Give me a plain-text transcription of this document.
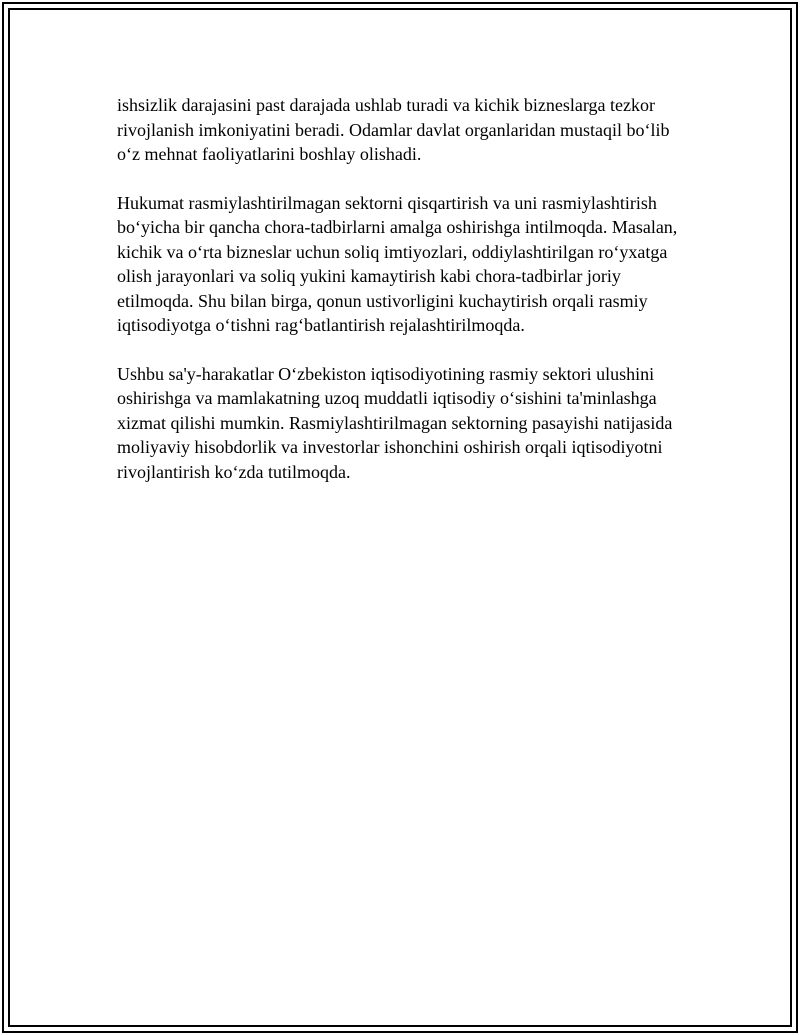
ishsizlik darajasini past darajada ushlab turadi va kichik bizneslarga tezkor rivojlanish imkoniyatini beradi. Odamlar davlat organlaridan mustaqil bo‘lib o‘z mehnat faoliyatlarini boshlay olishadi.

Hukumat rasmiylashtirilmagan sektorni qisqartirish va uni rasmiylashtirish bo‘yicha bir qancha chora-tadbirlarni amalga oshirishga intilmoqda. Masalan, kichik va o‘rta bizneslar uchun soliq imtiyozlari, oddiylashtirilgan ro‘yxatga olish jarayonlari va soliq yukini kamaytirish kabi chora-tadbirlar joriy etilmoqda. Shu bilan birga, qonun ustivorligini kuchaytirish orqali rasmiy iqtisodiyotga o‘tishni rag‘batlantirish rejalashtirilmoqda.

Ushbu sa'y-harakatlar O‘zbekiston iqtisodiyotining rasmiy sektori ulushini oshirishga va mamlakatning uzoq muddatli iqtisodiy o‘sishini ta'minlashga xizmat qilishi mumkin. Rasmiylashtirilmagan sektorning pasayishi natijasida moliyaviy hisobdorlik va investorlar ishonchini oshirish orqali iqtisodiyotni rivojlantirish ko‘zda tutilmoqda.
